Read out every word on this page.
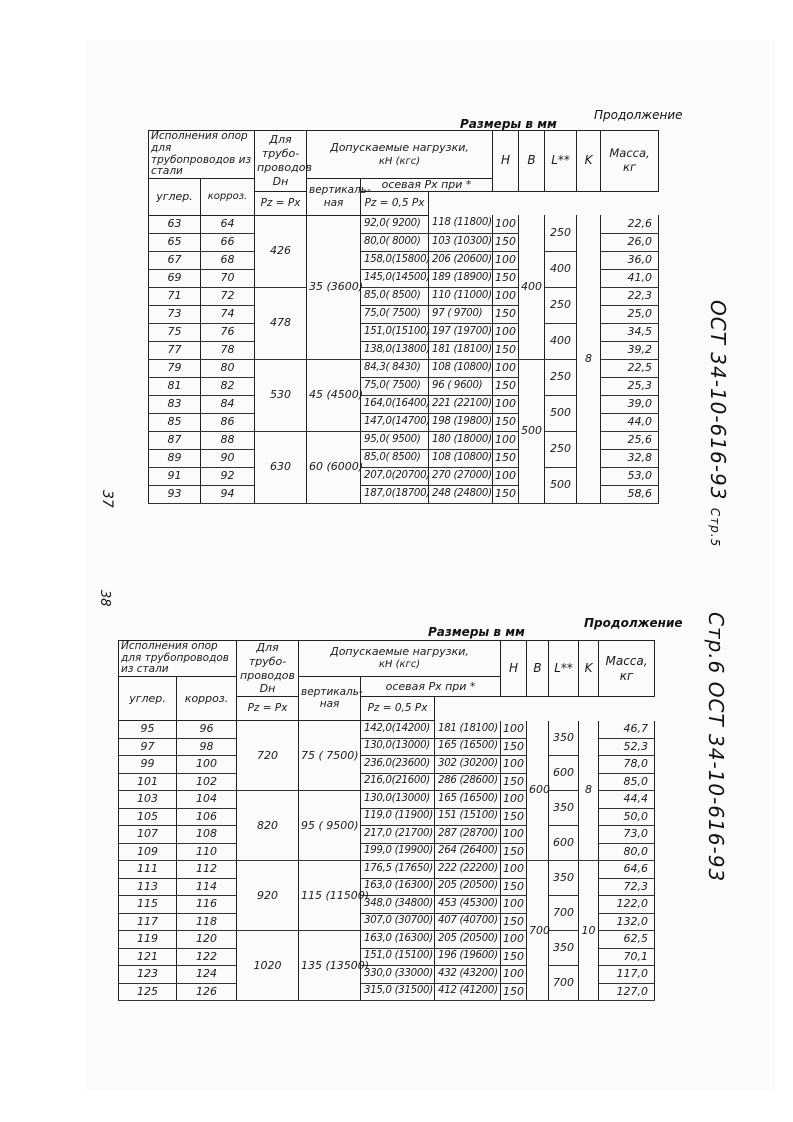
Продолжение
Размеры в мм
Исполнения опор для трубопроводов из стали		Для
трубо-
проводов
Dн	Допускаемые нагрузки,
кН (кгс)			H	B	L**	K	Масса,
кг

углер.	корроз.		вертикаль-
ная	осевая Px при *						
		Pz = Px		Pz = 0,5 Px						
63	64	426	35 (3600)	92,0( 9200)	118 (11800)	100	400	250	8	22,6
65	66			80,0( 8000)	103 (10300)	150				26,0
67	68			158,0(15800)	206 (20600)	100		400		36,0
69	70			145,0(14500)	189 (18900)	150				41,0
71	72	478		85,0( 8500)	110 (11000)	100		250		22,3
73	74			75,0( 7500)	97 ( 9700)	150				25,0
75	76			151,0(15100)	197 (19700)	100		400		34,5
77	78			138,0(13800)	181 (18100)	150				39,2
79	80	530	45 (4500)	84,3( 8430)	108 (10800)	100	500	250		22,5
81	82			75,0( 7500)	96 ( 9600)	150				25,3
83	84			164,0(16400)	221 (22100)	100		500		39,0
85	86			147,0(14700)	198 (19800)	150				44,0
87	88	630	60 (6000)	95,0( 9500)	180 (18000)	100		250		25,6
89	90			85,0( 8500)	108 (10800)	150				32,8
91	92			207,0(20700)	270 (27000)	100		500		53,0
93	94			187,0(18700)	248 (24800)	150				58,6	ОСТ 34-10-616-93 Стр.5
37
38
Продолжение
Размеры в мм
Исполнения опор для трубопроводов из стали		Для
трубо-
проводов
Dн	Допускаемые нагрузки,
кН (кгс)			H	B	L**	K	Масса,
кг

углер.	корроз.		вертикаль-
ная	осевая Px при *						
		Pz = Px		Pz = 0,5 Px						
95	96	720	75 ( 7500)	142,0(14200)	181 (18100)	100	600	350	8	46,7
97	98			130,0(13000)	165 (16500)	150				52,3
99	100			236,0(23600)	302 (30200)	100		600		78,0
101	102			216,0(21600)	286 (28600)	150				85,0
103	104	820	95 ( 9500)	130,0(13000)	165 (16500)	100		350		44,4
105	106			119,0 (11900)	151 (15100)	150				50,0
107	108			217,0 (21700)	287 (28700)	100		600		73,0
109	110			199,0 (19900)	264 (26400)	150				80,0
111	112	920	115 (11500)	176,5 (17650)	222 (22200)	100	700	350	10	64,6
113	114			163,0 (16300)	205 (20500)	150				72,3
115	116			348,0 (34800)	453 (45300)	100		700		122,0
117	118			307,0 (30700)	407 (40700)	150				132,0
119	120	1020	135 (13500)	163,0 (16300)	205 (20500)	100		350		62,5
121	122			151,0 (15100)	196 (19600)	150				70,1
123	124			330,0 (33000)	432 (43200)	100		700		117,0
125	126			315,0 (31500)	412 (41200)	150				127,0
Стр.6 ОСТ 34-10-616-93
